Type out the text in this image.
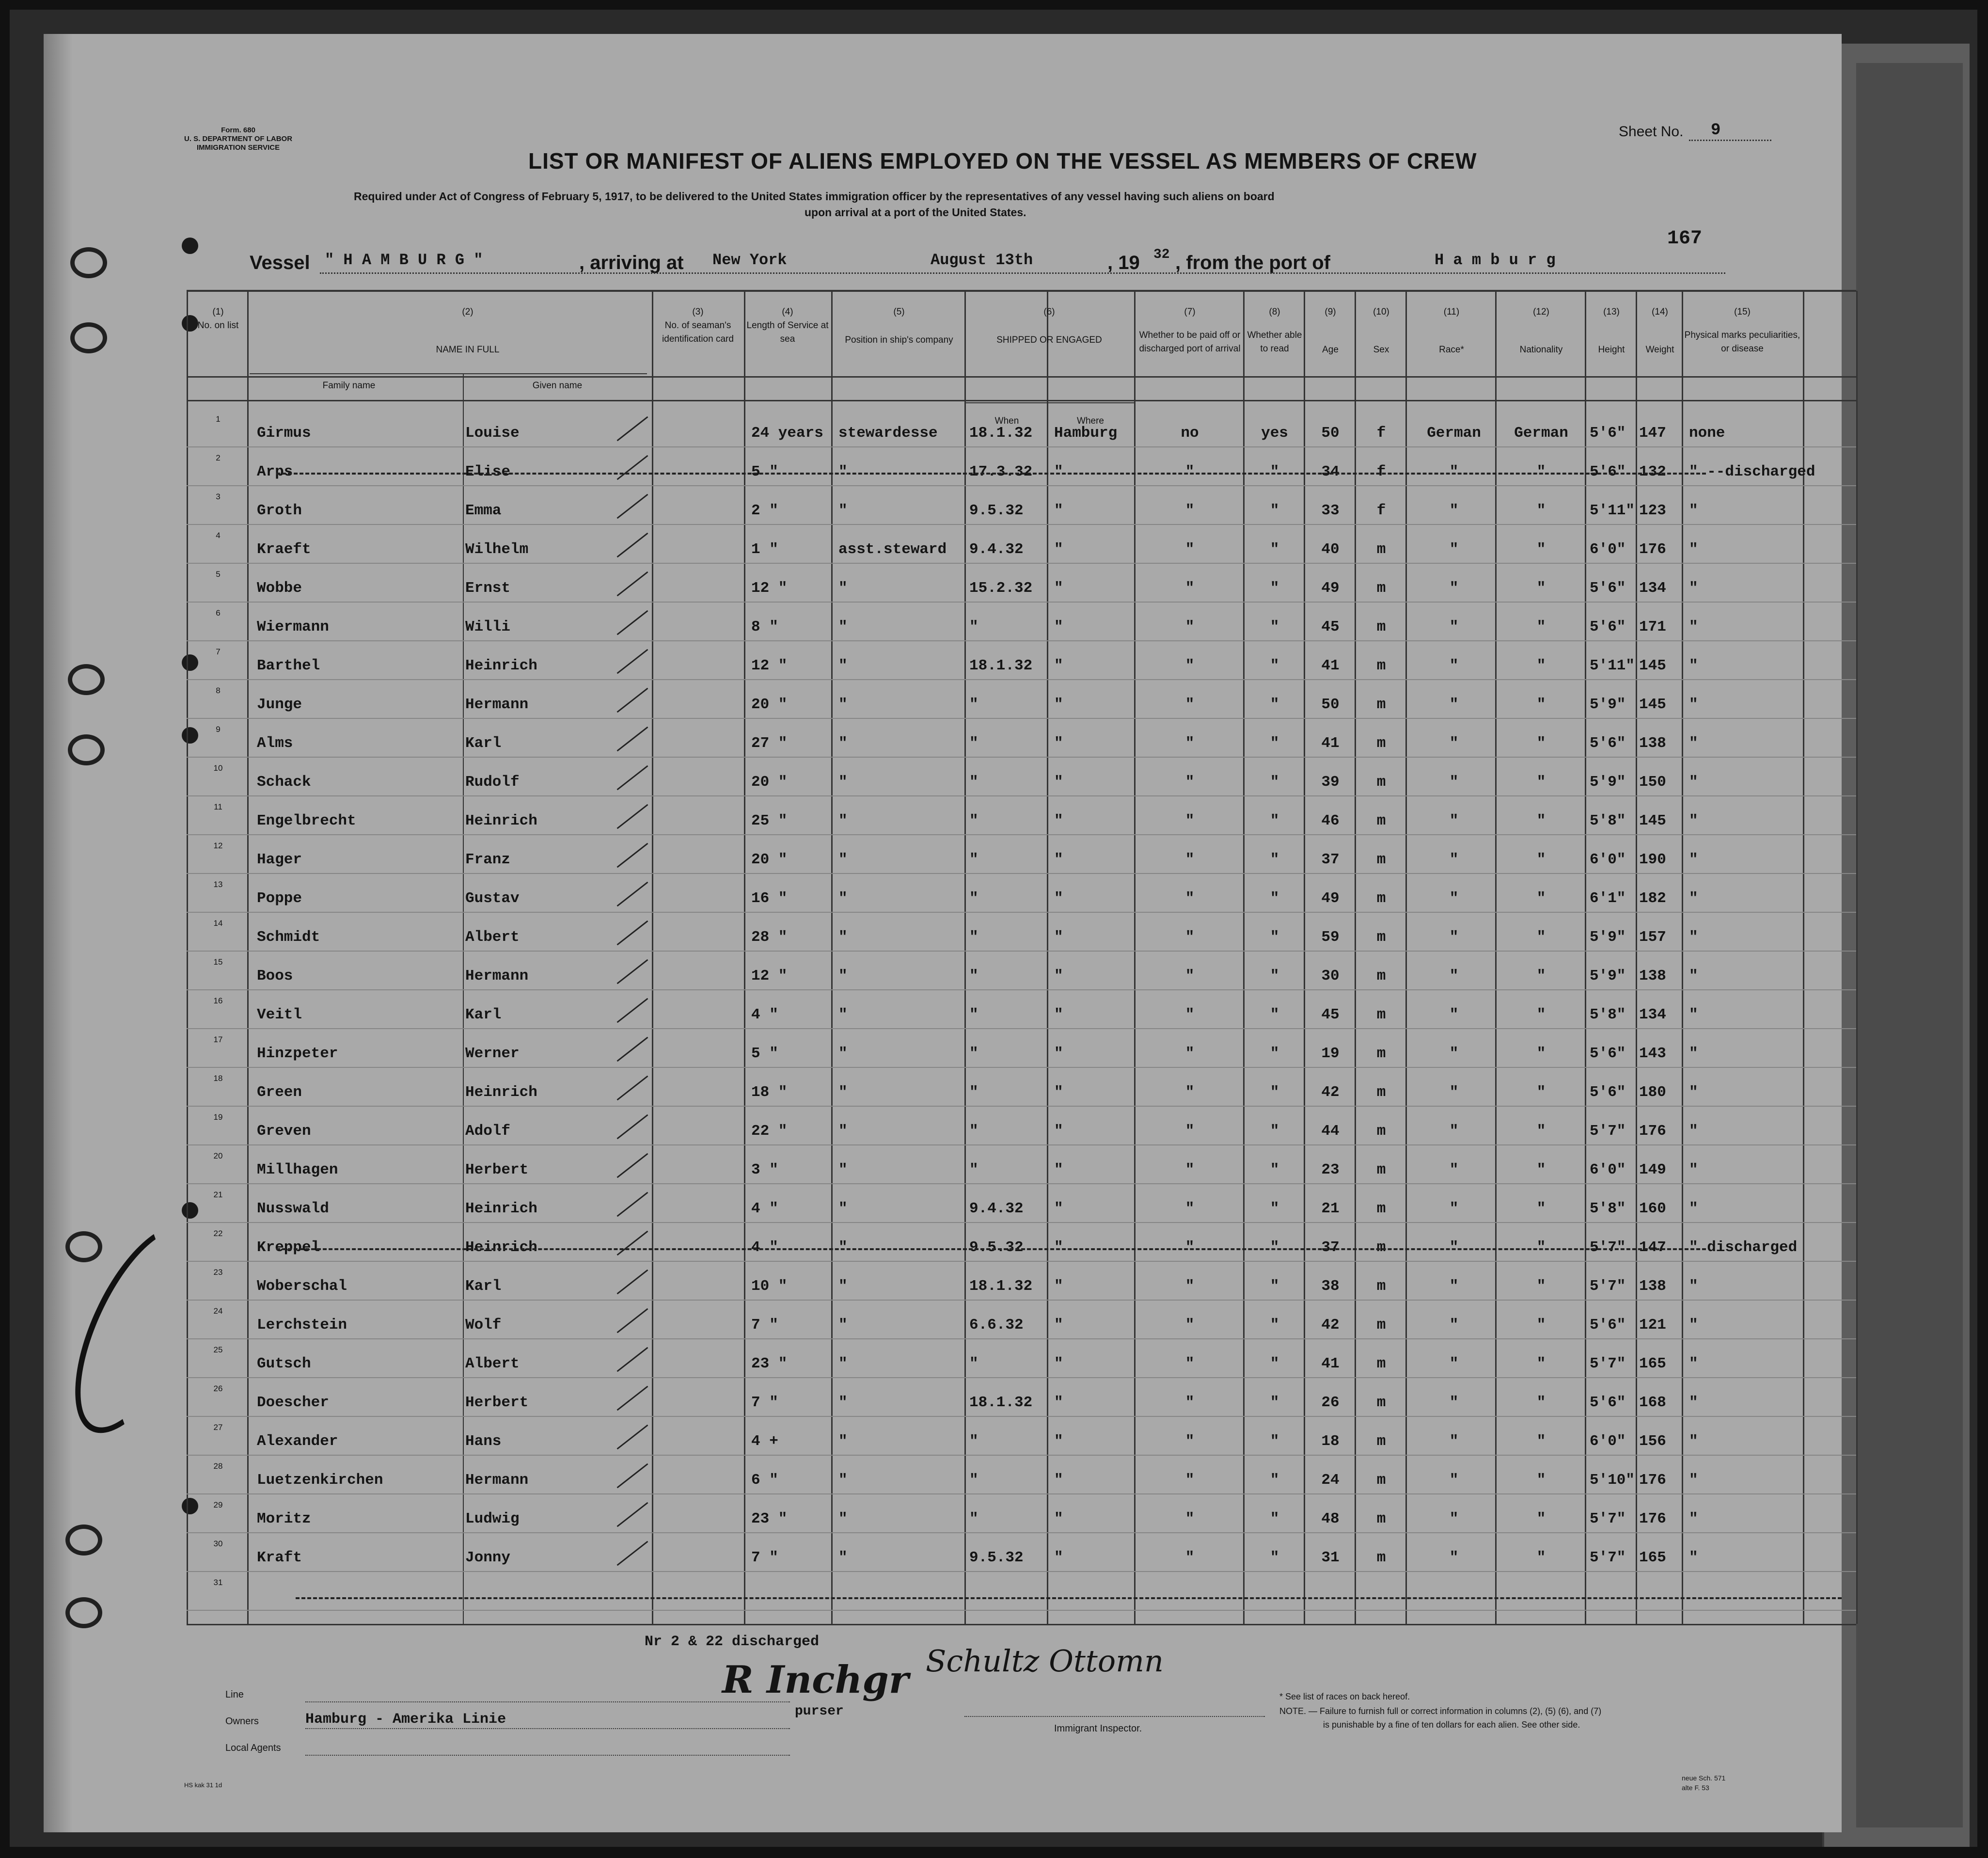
Form. 680
U. S. DEPARTMENT OF LABOR
IMMIGRATION SERVICE
Sheet No. 9
LIST OR MANIFEST OF ALIENS EMPLOYED ON THE VESSEL AS MEMBERS OF CREW
Required under Act of Congress of February 5, 1917, to be delivered to the United States immigration officer by the representatives of any vessel having such aliens on board
upon arrival at a port of the United States.
167
Vessel " H A M B U R G "	, arriving at New York	August 13th	, 19 32 , from the port of	H a m b u r g
(1)
No. on list
(2)
NAME IN FULL
Family name	Given name
(3)
No. of seaman's identification card
(4)
Length of Service at sea
(5)
Position in ship's company
(6)
SHIPPED OR ENGAGED
When	Where
(7)
Whether to be paid off or discharged port of arrival
(8)
Whether able to read
(9)
Age
(10)
Sex
(11)
Race*
(12)
Nationality
(13)
Height
(14)
Weight
(15)
Physical marks peculiarities, or disease
1
Girmus	Louise	24 years	stewardesse	18.1.32	Hamburg	no	yes	50	f	German	German	5'6" 147	none
2
Arps	Elise	5 "	"	17.3.32	"	"	"	34	f	"	"	5'6" 132	" --discharged
3
Groth	Emma	2 "	"	9.5.32	"	"	"	33	f	"	"	5'11" 123	"
4
Kraeft	Wilhelm	1 "	asst.steward	9.4.32	"	"	"	40	m	"	"	6'0" 176	"
5
Wobbe	Ernst	12 "	"	15.2.32	"	"	"	49	m	"	"	5'6" 134	"
6
Wiermann	Willi	8 "	"	"	"	"	"	45	m	"	"	5'6" 171	"
7
Barthel	Heinrich	12 "	"	18.1.32	"	"	"	41	m	"	"	5'11" 145	"
8
Junge	Hermann	20 "	"	"	"	"	"	50	m	"	"	5'9" 145	"
9
Alms	Karl	27 "	"	"	"	"	"	41	m	"	"	5'6" 138	"
10
Schack	Rudolf	20 "	"	"	"	"	"	39	m	"	"	5'9" 150	"
11
Engelbrecht	Heinrich	25 "	"	"	"	"	"	46	m	"	"	5'8" 145	"
12
Hager	Franz	20 "	"	"	"	"	"	37	m	"	"	6'0" 190	"
13
Poppe	Gustav	16 "	"	"	"	"	"	49	m	"	"	6'1" 182	"
14
Schmidt	Albert	28 "	"	"	"	"	"	59	m	"	"	5'9" 157	"
15
Boos	Hermann	12 "	"	"	"	"	"	30	m	"	"	5'9" 138	"
16
Veitl	Karl	4 "	"	"	"	"	"	45	m	"	"	5'8" 134	"
17
Hinzpeter	Werner	5 "	"	"	"	"	"	19	m	"	"	5'6" 143	"
18
Green	Heinrich	18 "	"	"	"	"	"	42	m	"	"	5'6" 180	"
19
Greven	Adolf	22 "	"	"	"	"	"	44	m	"	"	5'7" 176	"
20
Millhagen	Herbert	3 "	"	"	"	"	"	23	m	"	"	6'0" 149	"
21
Nusswald	Heinrich	4 "	"	9.4.32	"	"	"	21	m	"	"	5'8" 160	"
22
Kreppel	Heinrich	4 "	"	9.5.32	"	"	"	37	m	"	"	5'7" 147	" discharged
23
Woberschal	Karl	10 "	"	18.1.32	"	"	"	38	m	"	"	5'7" 138	"
24
Lerchstein	Wolf	7 "	"	6.6.32	"	"	"	42	m	"	"	5'6" 121	"
25
Gutsch	Albert	23 "	"	"	"	"	"	41	m	"	"	5'7" 165	"
26
Doescher	Herbert	7 "	"	18.1.32	"	"	"	26	m	"	"	5'6" 168	"
27
Alexander	Hans	4 +	"	"	"	"	"	18	m	"	"	6'0" 156	"
28
Luetzenkirchen	Hermann	6 "	"	"	"	"	"	24	m	"	"	5'10" 176	"
29
Moritz	Ludwig	23 "	"	"	"	"	"	48	m	"	"	5'7" 176	"
30
Kraft	Jonny	7 "	"	9.5.32	"	"	"	31	m	"	"	5'7" 165	"
31
Nr 2 & 22 discharged
R Inchgr Schultz Ottomn
purser
Line
Owners	Hamburg - Amerika Linie
Local Agents
Immigrant Inspector.
* See list of races on back hereof.
NOTE. — Failure to furnish full or correct information in columns (2), (5) (6), and (7)
is punishable by a fine of ten dollars for each alien. See other side.
HS kak 31 1d
neue Sch. 571
alte F. 53
